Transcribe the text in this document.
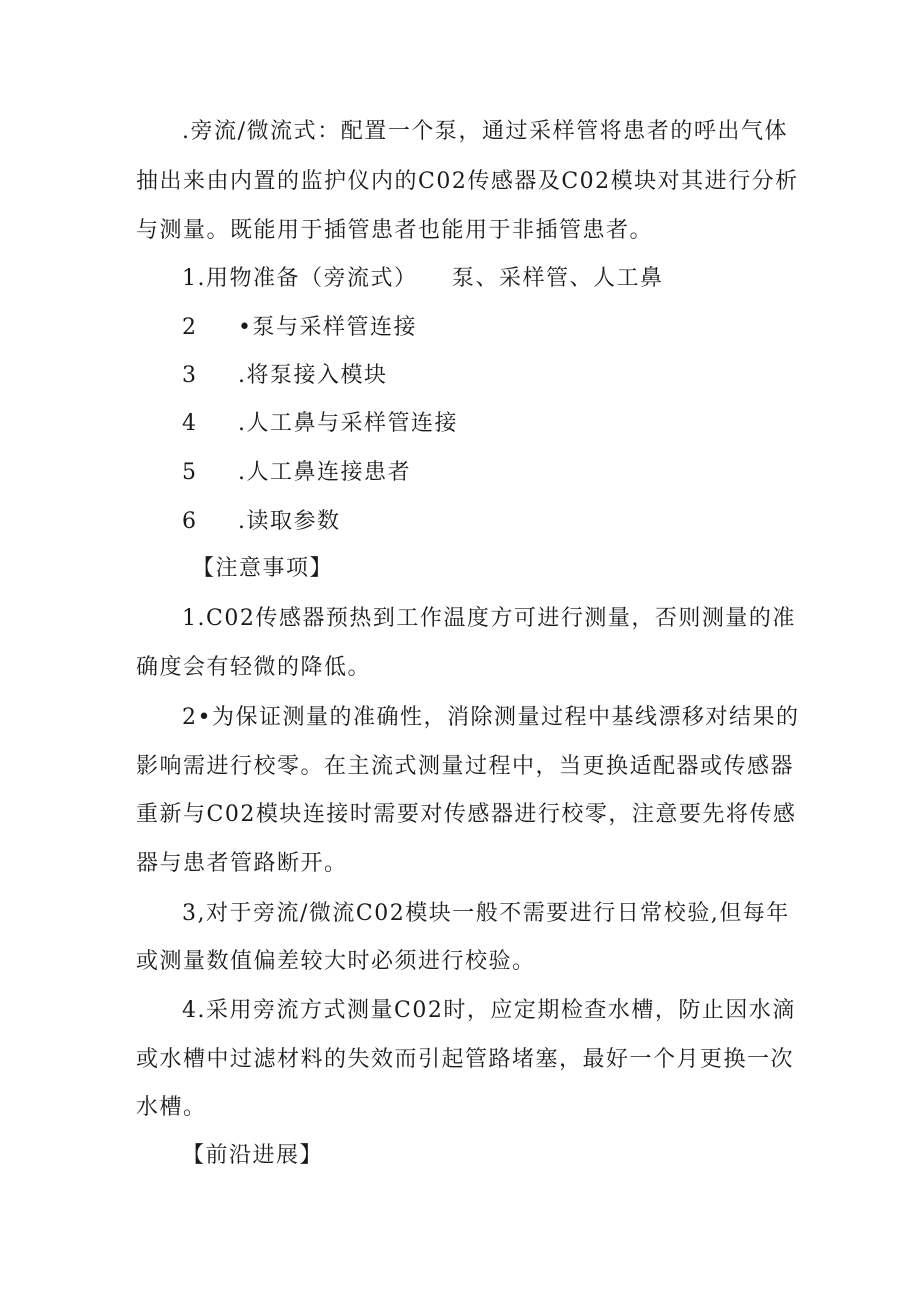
.旁流/微流式：配置一个泵，通过采样管将患者的呼出气体
抽出来由内置的监护仪内的C02传感器及C02模块对其进行分析
与测量。既能用于插管患者也能用于非插管患者。
1.用物准备（旁流式） 泵、采样管、人工鼻
2 •泵与采样管连接
3 .将泵接入模块
4 .人工鼻与采样管连接
5 .人工鼻连接患者
6 .读取参数
【注意事项】
1.C02传感器预热到工作温度方可进行测量，否则测量的准
确度会有轻微的降低。
2•为保证测量的准确性，消除测量过程中基线漂移对结果的
影响需进行校零。在主流式测量过程中，当更换适配器或传感器
重新与C02模块连接时需要对传感器进行校零，注意要先将传感
器与患者管路断开。
3,对于旁流/微流C02模块一般不需要进行日常校验,但每年
或测量数值偏差较大时必须进行校验。
4.采用旁流方式测量C02时，应定期检查水槽，防止因水滴
或水槽中过滤材料的失效而引起管路堵塞，最好一个月更换一次
水槽。
【前沿进展】
